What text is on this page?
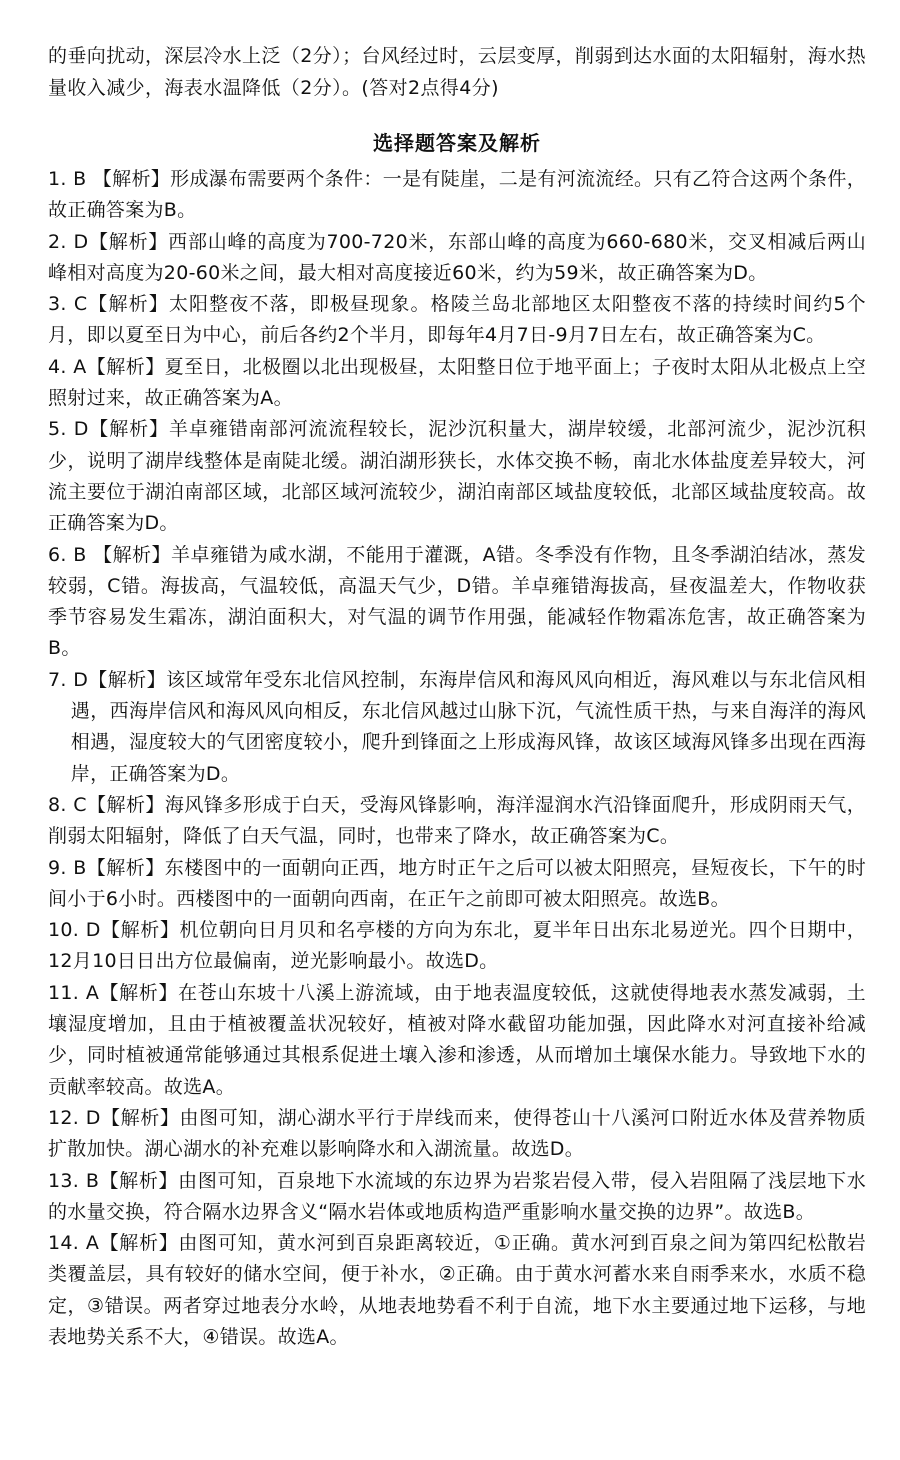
的垂向扰动，深层冷水上泛（2分）；台风经过时，云层变厚，削弱到达水面的太阳辐射，海水热量收入减少，海表水温降低（2分）。(答对2点得4分)

选择题答案及解析

1. B 【解析】形成瀑布需要两个条件：一是有陡崖，二是有河流流经。只有乙符合这两个条件，故正确答案为B。

2. D【解析】西部山峰的高度为700-720米，东部山峰的高度为660-680米，交叉相减后两山峰相对高度为20-60米之间，最大相对高度接近60米，约为59米，故正确答案为D。

3. C【解析】太阳整夜不落，即极昼现象。格陵兰岛北部地区太阳整夜不落的持续时间约5个月，即以夏至日为中心，前后各约2个半月，即每年4月7日-9月7日左右，故正确答案为C。

4. A【解析】夏至日，北极圈以北出现极昼，太阳整日位于地平面上；子夜时太阳从北极点上空照射过来，故正确答案为A。

5. D【解析】羊卓雍错南部河流流程较长，泥沙沉积量大，湖岸较缓，北部河流少，泥沙沉积少，说明了湖岸线整体是南陡北缓。湖泊湖形狭长，水体交换不畅，南北水体盐度差异较大，河流主要位于湖泊南部区域，北部区域河流较少，湖泊南部区域盐度较低，北部区域盐度较高。故正确答案为D。

6. B 【解析】羊卓雍错为咸水湖，不能用于灌溉，A错。冬季没有作物，且冬季湖泊结冰，蒸发较弱，C错。海拔高，气温较低，高温天气少，D错。羊卓雍错海拔高，昼夜温差大，作物收获季节容易发生霜冻，湖泊面积大，对气温的调节作用强，能减轻作物霜冻危害，故正确答案为B。

7. D【解析】该区域常年受东北信风控制，东海岸信风和海风风向相近，海风难以与东北信风相遇，西海岸信风和海风风向相反，东北信风越过山脉下沉，气流性质干热，与来自海洋的海风相遇，湿度较大的气团密度较小，爬升到锋面之上形成海风锋，故该区域海风锋多出现在西海岸，正确答案为D。

8. C【解析】海风锋多形成于白天，受海风锋影响，海洋湿润水汽沿锋面爬升，形成阴雨天气，削弱太阳辐射，降低了白天气温，同时，也带来了降水，故正确答案为C。

9. B【解析】东楼图中的一面朝向正西，地方时正午之后可以被太阳照亮，昼短夜长，下午的时间小于6小时。西楼图中的一面朝向西南，在正午之前即可被太阳照亮。故选B。

10. D【解析】机位朝向日月贝和名亭楼的方向为东北，夏半年日出东北易逆光。四个日期中，12月10日日出方位最偏南，逆光影响最小。故选D。

11. A【解析】在苍山东坡十八溪上游流域，由于地表温度较低，这就使得地表水蒸发减弱，土壤湿度增加，且由于植被覆盖状况较好，植被对降水截留功能加强，因此降水对河直接补给减少，同时植被通常能够通过其根系促进土壤入渗和渗透，从而增加土壤保水能力。导致地下水的贡献率较高。故选A。

12. D【解析】由图可知，湖心湖水平行于岸线而来，使得苍山十八溪河口附近水体及营养物质扩散加快。湖心湖水的补充难以影响降水和入湖流量。故选D。

13. B【解析】由图可知，百泉地下水流域的东边界为岩浆岩侵入带，侵入岩阻隔了浅层地下水的水量交换，符合隔水边界含义“隔水岩体或地质构造严重影响水量交换的边界”。故选B。

14. A【解析】由图可知，黄水河到百泉距离较近，①正确。黄水河到百泉之间为第四纪松散岩类覆盖层，具有较好的储水空间，便于补水，②正确。由于黄水河蓄水来自雨季来水，水质不稳定，③错误。两者穿过地表分水岭，从地表地势看不利于自流，地下水主要通过地下运移，与地表地势关系不大，④错误。故选A。
